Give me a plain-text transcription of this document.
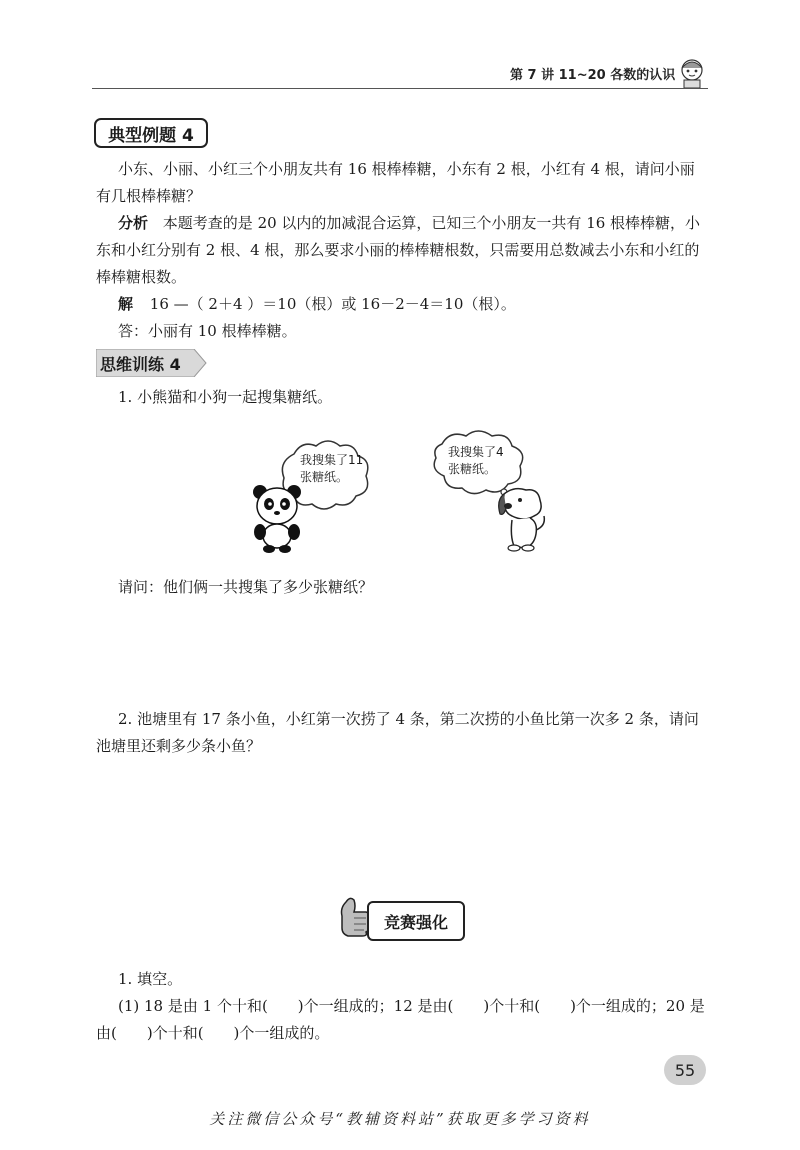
第 7 讲 11~20 各数的认识
典型例题 4
小东、小丽、小红三个小朋友共有 16 根棒棒糖，小东有 2 根，小红有 4 根，请问小丽有几根棒棒糖？
分析 本题考查的是 20 以内的加减混合运算，已知三个小朋友一共有 16 根棒棒糖，小东和小红分别有 2 根、4 根，那么要求小丽的棒棒糖根数，只需要用总数减去小东和小红的棒棒糖根数。
解 16 —（ 2＋4 ）＝10（根）或 16－2－4＝10（根）。
答：小丽有 10 根棒棒糖。
思维训练 4
1. 小熊猫和小狗一起搜集糖纸。
我搜集了11
张糖纸。
我搜集了4
张糖纸。
请问：他们俩一共搜集了多少张糖纸？
2. 池塘里有 17 条小鱼，小红第一次捞了 4 条，第二次捞的小鱼比第一次多 2 条，请问池塘里还剩多少条小鱼？
竞赛强化
1. 填空。
(1) 18 是由 1 个十和(　　)个一组成的；12 是由(　　)个十和(　　)个一组成的；20 是由(　　)个十和(　　)个一组成的。
55
关注微信公众号“教辅资料站”获取更多学习资料
